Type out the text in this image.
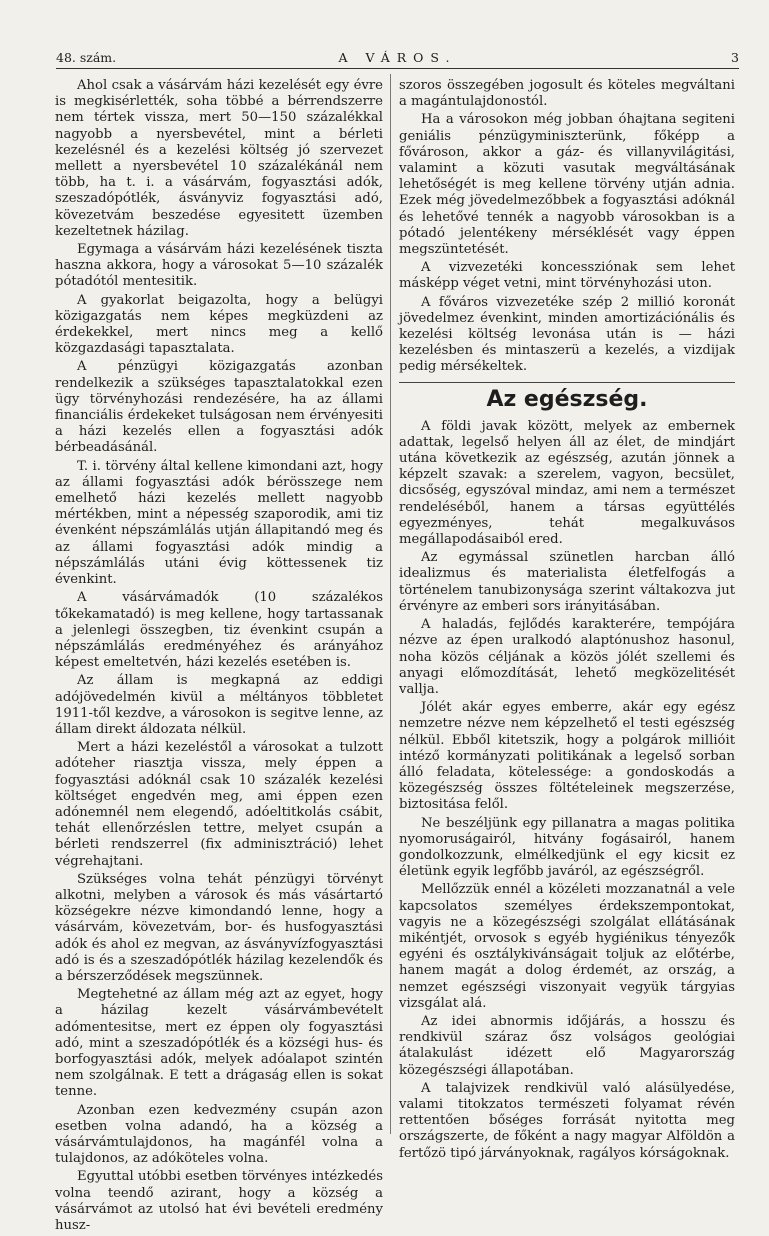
48. szám.	A VÁROS.	3

Ahol csak a vásárvám házi kezelését egy évre is megkisérlették, soha többé a bérrendszerre nem tértek vissza, mert 50—150 százalékkal nagyobb a nyersbevétel, mint a bérleti kezelésnél és a kezelési költség jó szervezet mellett a nyersbevétel 10 százalékánál nem több, ha t. i. a vásárvám, fogyasztási adók, szeszadópótlék, ásványviz fogyasztási adó, kövezetvám beszedése egyesitett üzemben kezeltetnek házilag.

Egymaga a vásárvám házi kezelésének tiszta haszna akkora, hogy a városokat 5—10 százalék pótadótól mentesitik.

A gyakorlat beigazolta, hogy a belügyi közigazgatás nem képes megküzdeni az érdekekkel, mert nincs meg a kellő közgazdasági tapasztalata.

A pénzügyi közigazgatás azonban rendelkezik a szükséges tapasztalatokkal ezen ügy törvényhozási rendezésére, ha az állami financiális érdekeket tulságosan nem érvényesiti a házi kezelés ellen a fogyasztási adók bérbeadásánál.

T. i. törvény által kellene kimondani azt, hogy az állami fogyasztási adók bérösszege nem emelhető házi kezelés mellett nagyobb mértékben, mint a népesség szaporodik, ami tiz évenként népszámlálás utján állapitandó meg és az állami fogyasztási adók mindig a népszámlálás utáni évig köttessenek tiz évenkint.

A vásárvámadók (10 százalékos tőkekamatadó) is meg kellene, hogy tartassanak a jelenlegi összegben, tiz évenkint csupán a népszámlálás eredményéhez és arányához képest emeltetvén, házi kezelés esetében is.

Az állam is megkapná az eddigi adójövedelmén kivül a méltányos többletet 1911-től kezdve, a városokon is segitve lenne, az állam direkt áldozata nélkül.

Mert a házi kezeléstől a városokat a tulzott adóteher riasztja vissza, mely éppen a fogyasztási adóknál csak 10 százalék kezelési költséget engedvén meg, ami éppen ezen adónemnél nem elegendő, adóeltitkolás csábit, tehát ellenőrzéslen tettre, melyet csupán a bérleti rendszerrel (fix adminisztráció) lehet végrehajtani.

Szükséges volna tehát pénzügyi törvényt alkotni, melyben a városok és más vásártartó községekre nézve kimondandó lenne, hogy a vásárvám, kövezetvám, bor- és husfogyasztási adók és ahol ez megvan, az ásványvízfogyasztási adó is és a szeszadópótlék házilag kezelendők és a bérszerződések megszünnek.

Megtehetné az állam még azt az egyet, hogy a házilag kezelt vásárvámbevételt adómentesitse, mert ez éppen oly fogyasztási adó, mint a szeszadópótlék és a községi hus- és borfogyasztási adók, melyek adóalapot szintén nem szolgálnak. E tett a drágaság ellen is sokat tenne.

Azonban ezen kedvezmény csupán azon esetben volna adandó, ha a község a vásárvámtulajdonos, ha magánfél volna a tulajdonos, az adóköteles volna.

Egyuttal utóbbi esetben törvényes intézkedés volna teendő azirant, hogy a község a vásárvámot az utolsó hat évi bevételi eredmény husz-

szoros összegében jogosult és köteles megváltani a magántulajdonostól.

Ha a városokon még jobban óhajtana segiteni geniális pénzügyminiszterünk, főképp a fővároson, akkor a gáz- és villanyvilágitási, valamint a közuti vasutak megváltásának lehetőségét is meg kellene törvény utján adnia. Ezek még jövedelmezőbbek a fogyasztási adóknál és lehetővé tennék a nagyobb városokban is a pótadó jelentékeny mérséklését vagy éppen megszüntetését.

A vizvezetéki koncessziónak sem lehet másképp véget vetni, mint törvényhozási uton.

A főváros vizvezetéke szép 2 millió koronát jövedelmez évenkint, minden amortizációnális és kezelési költség levonása után is — házi kezelésben és mintaszerü a kezelés, a vizdijak pedig mérsékeltek.

Az egészség.

A földi javak között, melyek az embernek adattak, legelső helyen áll az élet, de mindjárt utána következik az egészség, azután jönnek a képzelt szavak: a szerelem, vagyon, becsület, dicsőség, egyszóval mindaz, ami nem a természet rendeléséből, hanem a társas együttélés egyezményes, tehát megalkuvásos megállapodásaiból ered.

Az egymással szünetlen harcban álló idealizmus és materialista életfelfogás a történelem tanubizonysága szerint váltakozva jut érvényre az emberi sors irányitásában.

A haladás, fejlődés karakterére, tempójára nézve az épen uralkodó alaptónushoz hasonul, noha közös céljának a közös jólét szellemi és anyagi előmozdítását, lehető megközelitését vallja.

Jólét akár egyes emberre, akár egy egész nemzetre nézve nem képzelhető el testi egészség nélkül. Ebből kitetszik, hogy a polgárok millióit intéző kormányzati politikának a legelső sorban álló feladata, kötelessége: a gondoskodás a közegészség összes föltételeinek megszerzése, biztositása felől.

Ne beszéljünk egy pillanatra a magas politika nyomoruságairól, hitvány fogásairól, hanem gondolkozzunk, elmélkedjünk el egy kicsit ez életünk egyik legfőbb javáról, az egészségről.

Mellőzzük ennél a közéleti mozzanatnál a vele kapcsolatos személyes érdekszempontokat, vagyis ne a közegészségi szolgálat ellátásának mikéntjét, orvosok s egyéb hygiénikus tényezők egyéni és osztálykivánságait toljuk az előtérbe, hanem magát a dolog érdemét, az ország, a nemzet egészségi viszonyait vegyük tárgyias vizsgálat alá.

Az idei abnormis időjárás, a hosszu és rendkivül száraz ősz volságos geológiai átalakulást idézett elő Magyarország közegészségi állapotában.

A talajvizek rendkivül való alásülyedése, valami titokzatos természeti folyamat révén rettentően bőséges forrását nyitotta meg országszerte, de főként a nagy magyar Alföldön a fertőzö tipó járványoknak, ragályos kórságoknak.
